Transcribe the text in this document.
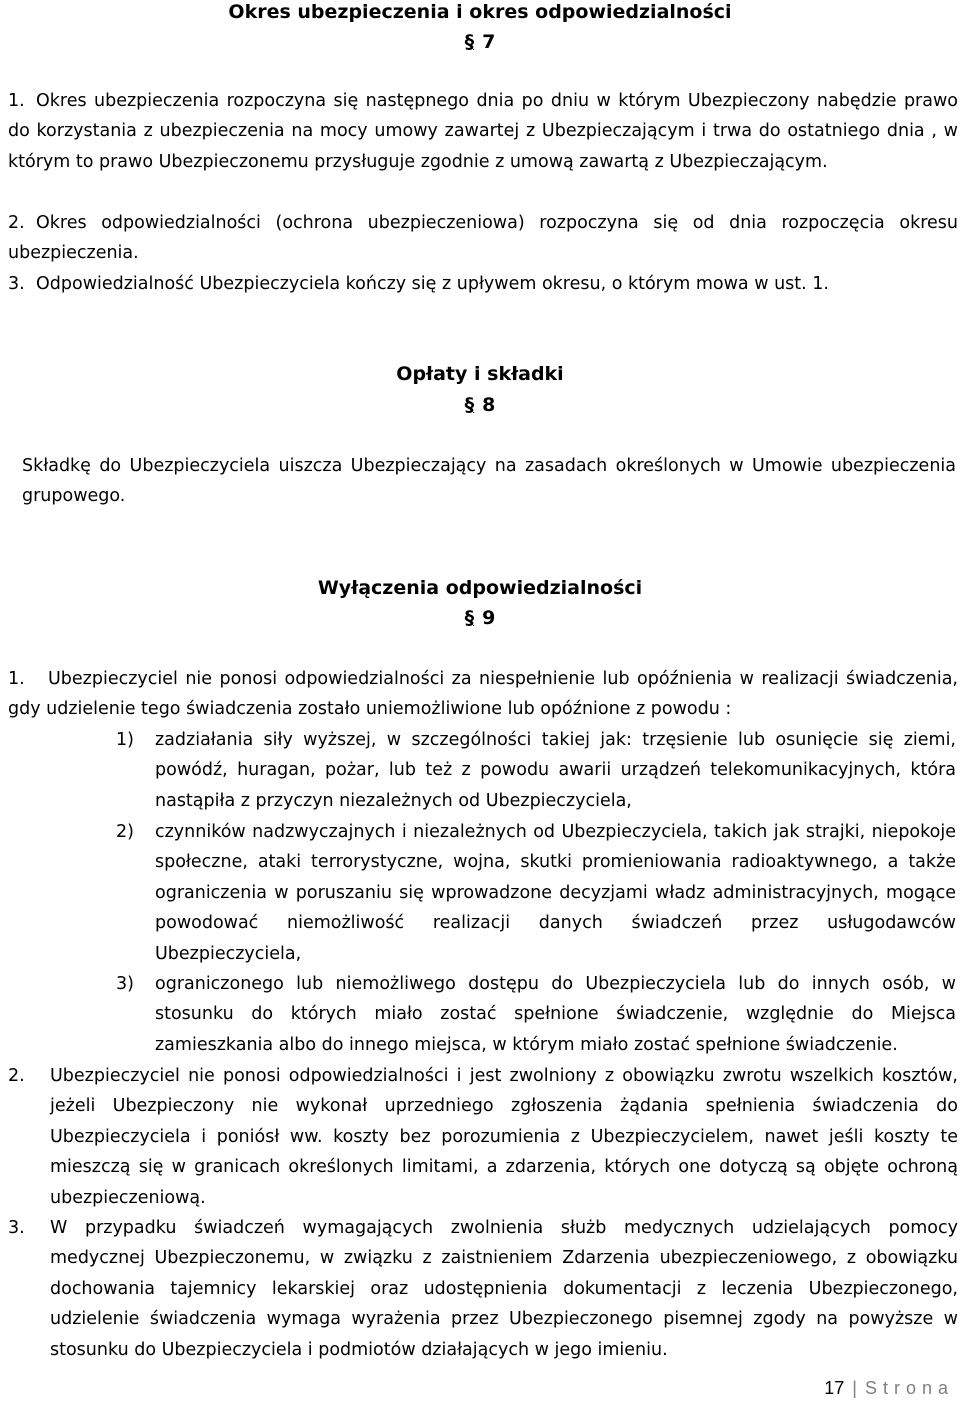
Okres ubezpieczenia i okres odpowiedzialności
§ 7
1. Okres ubezpieczenia rozpoczyna się następnego dnia po dniu w którym Ubezpieczony nabędzie prawo do korzystania z ubezpieczenia na mocy umowy zawartej z Ubezpieczającym i trwa do ostatniego dnia , w którym to prawo Ubezpieczonemu przysługuje zgodnie z umową zawartą z Ubezpieczającym.
2. Okres odpowiedzialności (ochrona ubezpieczeniowa) rozpoczyna się od dnia rozpoczęcia okresu ubezpieczenia.
3. Odpowiedzialność Ubezpieczyciela kończy się z upływem okresu, o którym mowa w ust. 1.
Opłaty i składki
§ 8
Składkę do Ubezpieczyciela uiszcza Ubezpieczający na zasadach określonych w Umowie ubezpieczenia grupowego.
Wyłączenia odpowiedzialności
§ 9
1.	Ubezpieczyciel nie ponosi odpowiedzialności za niespełnienie lub opóźnienia w realizacji świadczenia, gdy udzielenie tego świadczenia zostało uniemożliwione lub opóźnione z powodu :
1) zadziałania siły wyższej, w szczególności takiej jak: trzęsienie lub osunięcie się ziemi, powódź, huragan, pożar, lub też z powodu awarii urządzeń telekomunikacyjnych, która nastąpiła z przyczyn niezależnych od Ubezpieczyciela,
2) czynników nadzwyczajnych i niezależnych od Ubezpieczyciela, takich jak strajki, niepokoje społeczne, ataki terrorystyczne, wojna, skutki promieniowania radioaktywnego, a także ograniczenia w poruszaniu się wprowadzone decyzjami władz administracyjnych, mogące powodować niemożliwość realizacji danych świadczeń przez usługodawców Ubezpieczyciela,
3) ograniczonego lub niemożliwego dostępu do Ubezpieczyciela lub do innych osób, w stosunku do których miało zostać spełnione świadczenie, względnie do Miejsca zamieszkania albo do innego miejsca, w którym miało zostać spełnione świadczenie.
2. Ubezpieczyciel nie ponosi odpowiedzialności i jest zwolniony z obowiązku zwrotu wszelkich kosztów, jeżeli Ubezpieczony nie wykonał uprzedniego zgłoszenia żądania spełnienia świadczenia do Ubezpieczyciela i poniósł ww. koszty bez porozumienia z Ubezpieczycielem, nawet jeśli koszty te mieszczą się w granicach określonych limitami, a zdarzenia, których one dotyczą są objęte ochroną ubezpieczeniową.
3. W przypadku świadczeń wymagających zwolnienia służb medycznych udzielających pomocy medycznej Ubezpieczonemu, w związku z zaistnieniem Zdarzenia ubezpieczeniowego, z obowiązku dochowania tajemnicy lekarskiej oraz udostępnienia dokumentacji z leczenia Ubezpieczonego, udzielenie świadczenia wymaga wyrażenia przez Ubezpieczonego pisemnej zgody na powyższe w stosunku do Ubezpieczyciela i podmiotów działających w jego imieniu.
17 | Strona
